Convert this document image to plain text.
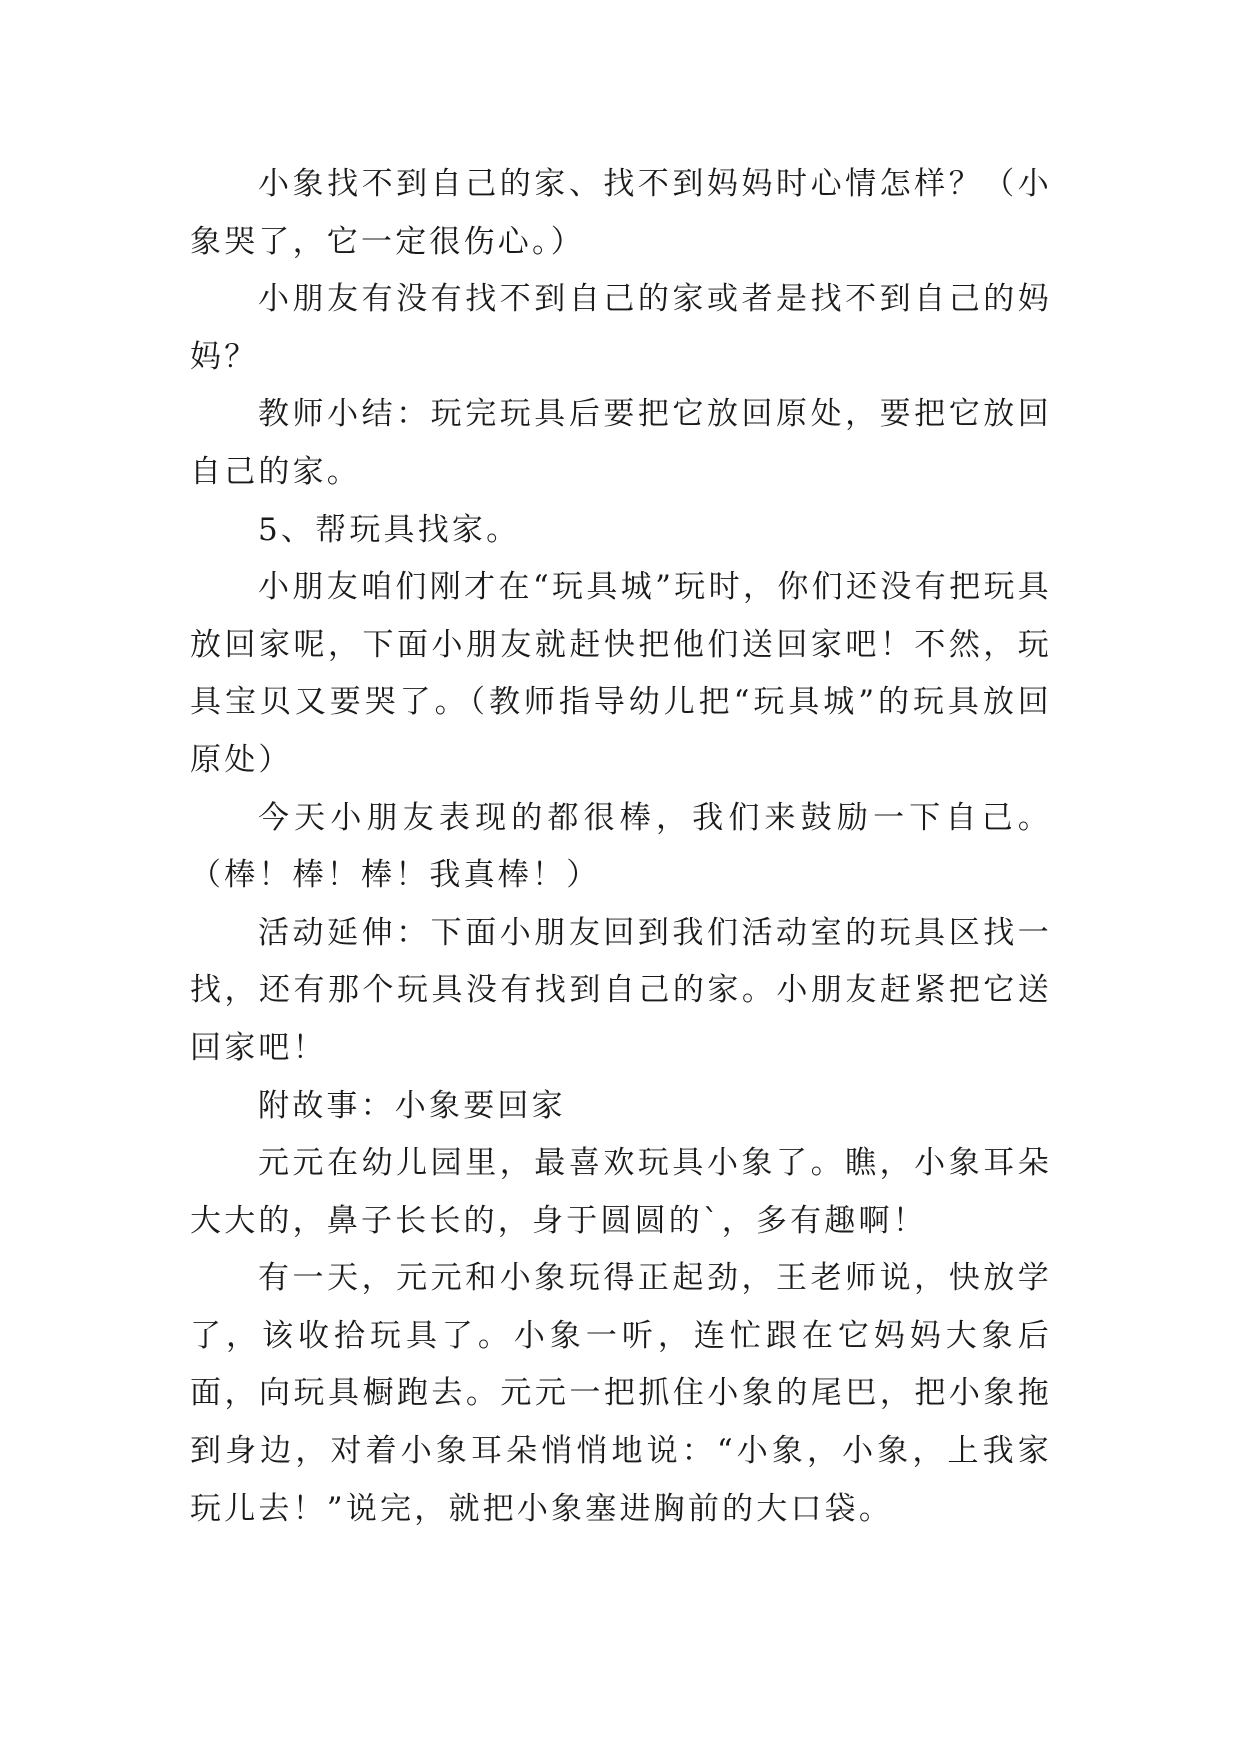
小象找不到自己的家、找不到妈妈时心情怎样？（小象哭了，它一定很伤心。）

小朋友有没有找不到自己的家或者是找不到自己的妈妈？

教师小结：玩完玩具后要把它放回原处，要把它放回自己的家。

5、帮玩具找家。

小朋友咱们刚才在“玩具城”玩时，你们还没有把玩具放回家呢，下面小朋友就赶快把他们送回家吧！不然，玩具宝贝又要哭了。（教师指导幼儿把“玩具城”的玩具放回原处）

今天小朋友表现的都很棒，我们来鼓励一下自己。（棒！棒！棒！我真棒！）

活动延伸：下面小朋友回到我们活动室的玩具区找一找，还有那个玩具没有找到自己的家。小朋友赶紧把它送回家吧！

附故事：小象要回家

元元在幼儿园里，最喜欢玩具小象了。瞧，小象耳朵大大的，鼻子长长的，身于圆圆的`，多有趣啊！

有一天，元元和小象玩得正起劲，王老师说，快放学了，该收拾玩具了。小象一听，连忙跟在它妈妈大象后面，向玩具橱跑去。元元一把抓住小象的尾巴，把小象拖到身边，对着小象耳朵悄悄地说：“小象，小象，上我家玩儿去！”说完，就把小象塞进胸前的大口袋。
